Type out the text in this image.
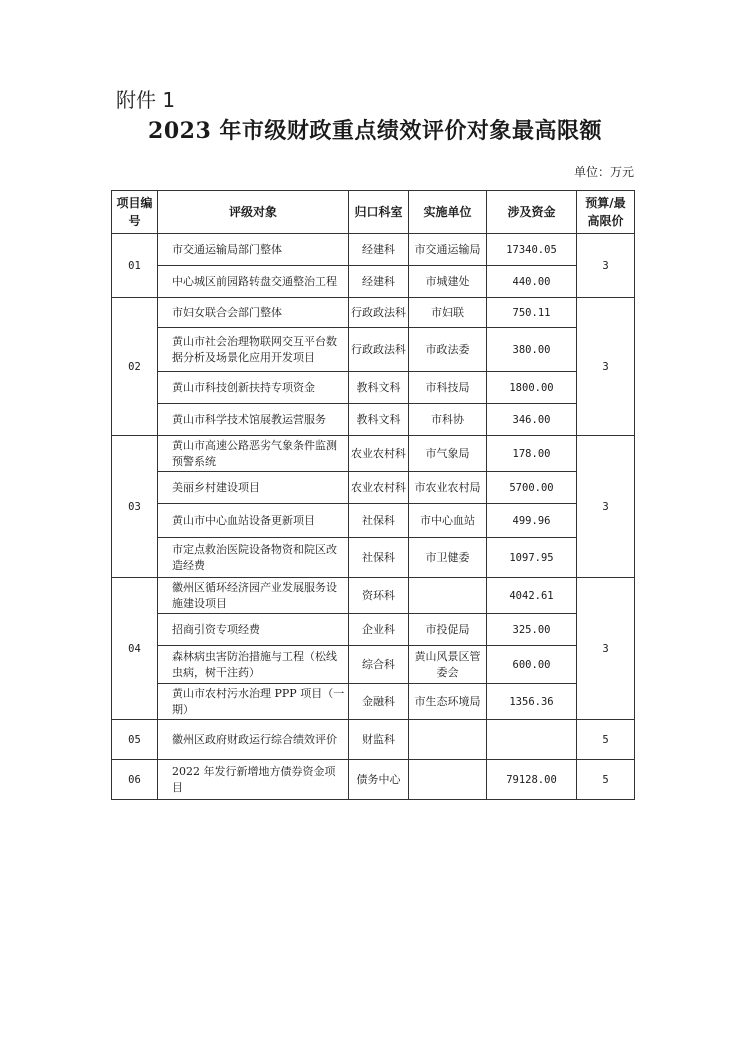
附件 1
2023 年市级财政重点绩效评价对象最高限额
单位：万元
项目编号	评级对象	归口科室	实施单位	涉及资金	预算/最高限价
01	市交通运输局部门整体	经建科	市交通运输局	17340.05	3
	中心城区前园路转盘交通整治工程	经建科	市城建处	440.00	
02	市妇女联合会部门整体	行政政法科	市妇联	750.11	3
	黄山市社会治理物联网交互平台数据分析及场景化应用开发项目	行政政法科	市政法委	380.00	
	黄山市科技创新扶持专项资金	教科文科	市科技局	1800.00	
	黄山市科学技术馆展教运营服务	教科文科	市科协	346.00	
03	黄山市高速公路恶劣气象条件监测预警系统	农业农村科	市气象局	178.00	3
	美丽乡村建设项目	农业农村科	市农业农村局	5700.00	
	黄山市中心血站设备更新项目	社保科	市中心血站	499.96	
	市定点救治医院设备物资和院区改造经费	社保科	市卫健委	1097.95	
04	徽州区循环经济园产业发展服务设施建设项目	资环科		4042.61	3
	招商引资专项经费	企业科	市投促局	325.00	
	森林病虫害防治措施与工程（松线虫病，树干注药）	综合科	黄山风景区管委会	600.00	
	黄山市农村污水治理 PPP 项目（一期）	金融科	市生态环境局	1356.36	
05	徽州区政府财政运行综合绩效评价	财监科			5
06	2022 年发行新增地方债券资金项目	债务中心		79128.00	5
